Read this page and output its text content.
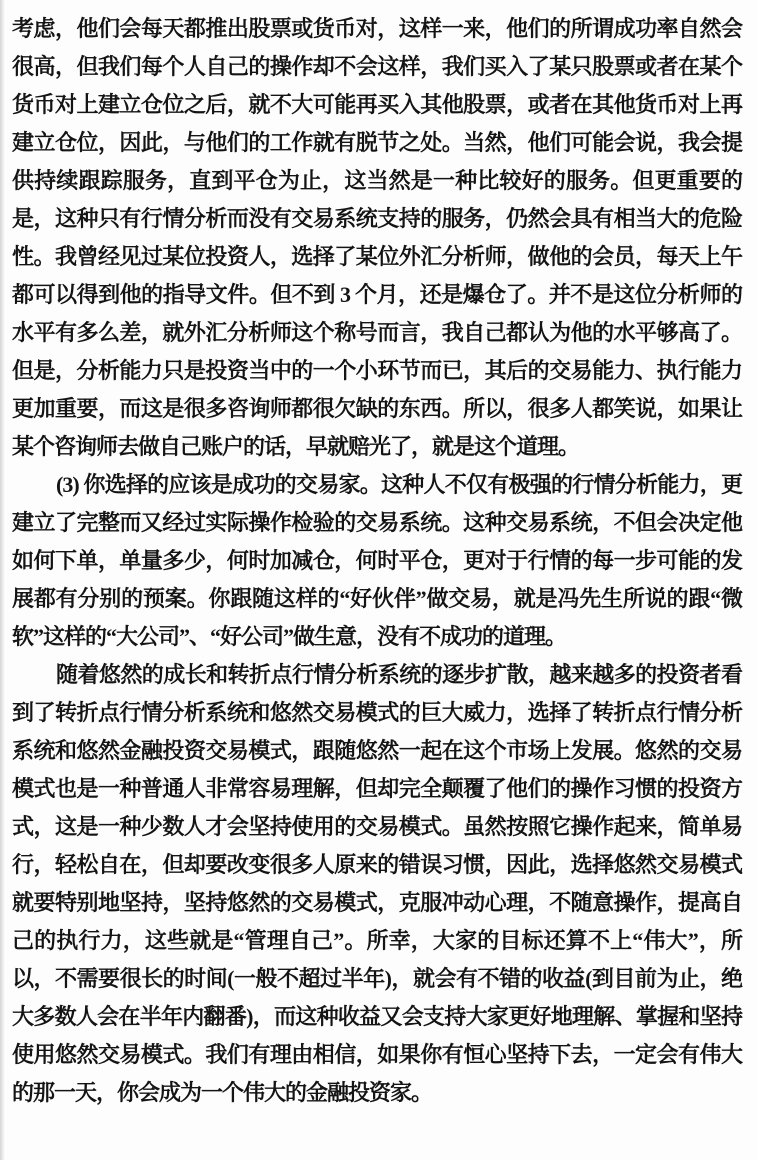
考虑，他们会每天都推出股票或货币对，这样一来，他们的所谓成功率自然会很高，但我们每个人自己的操作却不会这样，我们买入了某只股票或者在某个货币对上建立仓位之后，就不大可能再买入其他股票，或者在其他货币对上再建立仓位，因此，与他们的工作就有脱节之处。当然，他们可能会说，我会提供持续跟踪服务，直到平仓为止，这当然是一种比较好的服务。但更重要的是，这种只有行情分析而没有交易系统支持的服务，仍然会具有相当大的危险性。我曾经见过某位投资人，选择了某位外汇分析师，做他的会员，每天上午都可以得到他的指导文件。但不到 3 个月，还是爆仓了。并不是这位分析师的水平有多么差，就外汇分析师这个称号而言，我自己都认为他的水平够高了。但是，分析能力只是投资当中的一个小环节而已，其后的交易能力、执行能力更加重要，而这是很多咨询师都很欠缺的东西。所以，很多人都笑说，如果让某个咨询师去做自己账户的话，早就赔光了，就是这个道理。

(3) 你选择的应该是成功的交易家。这种人不仅有极强的行情分析能力，更建立了完整而又经过实际操作检验的交易系统。这种交易系统，不但会决定他如何下单，单量多少，何时加减仓，何时平仓，更对于行情的每一步可能的发展都有分别的预案。你跟随这样的“好伙伴”做交易，就是冯先生所说的跟“微软”这样的“大公司”、“好公司”做生意，没有不成功的道理。

随着悠然的成长和转折点行情分析系统的逐步扩散，越来越多的投资者看到了转折点行情分析系统和悠然交易模式的巨大威力，选择了转折点行情分析系统和悠然金融投资交易模式，跟随悠然一起在这个市场上发展。悠然的交易模式也是一种普通人非常容易理解，但却完全颠覆了他们的操作习惯的投资方式，这是一种少数人才会坚持使用的交易模式。虽然按照它操作起来，简单易行，轻松自在，但却要改变很多人原来的错误习惯，因此，选择悠然交易模式就要特别地坚持，坚持悠然的交易模式，克服冲动心理，不随意操作，提高自己的执行力，这些就是“管理自己”。所幸，大家的目标还算不上“伟大”，所以，不需要很长的时间(一般不超过半年)，就会有不错的收益(到目前为止，绝大多数人会在半年内翻番)，而这种收益又会支持大家更好地理解、掌握和坚持使用悠然交易模式。我们有理由相信，如果你有恒心坚持下去，一定会有伟大的那一天，你会成为一个伟大的金融投资家。
